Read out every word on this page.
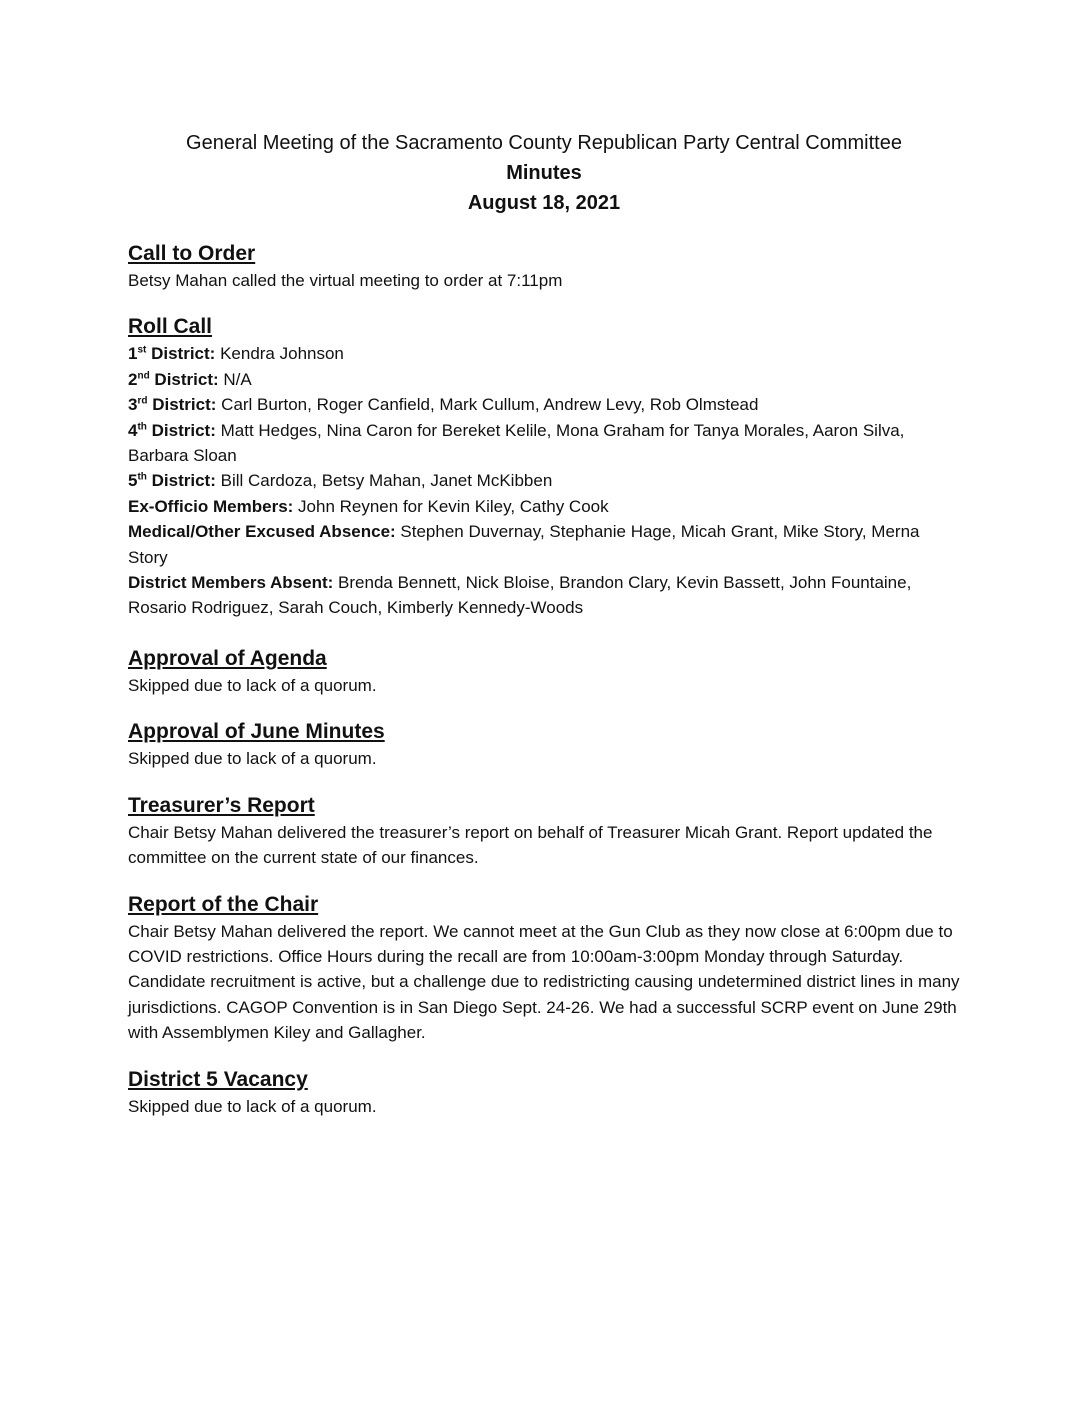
General Meeting of the Sacramento County Republican Party Central Committee
Minutes
August 18, 2021
Call to Order
Betsy Mahan called the virtual meeting to order at 7:11pm
Roll Call
1st District: Kendra Johnson
2nd District: N/A
3rd District: Carl Burton, Roger Canfield, Mark Cullum, Andrew Levy, Rob Olmstead
4th District: Matt Hedges, Nina Caron for Bereket Kelile, Mona Graham for Tanya Morales, Aaron Silva, Barbara Sloan
5th District: Bill Cardoza, Betsy Mahan, Janet McKibben
Ex-Officio Members: John Reynen for Kevin Kiley, Cathy Cook
Medical/Other Excused Absence: Stephen Duvernay, Stephanie Hage, Micah Grant, Mike Story, Merna Story
District Members Absent: Brenda Bennett, Nick Bloise, Brandon Clary, Kevin Bassett, John Fountaine, Rosario Rodriguez, Sarah Couch, Kimberly Kennedy-Woods
Approval of Agenda
Skipped due to lack of a quorum.
Approval of June Minutes
Skipped due to lack of a quorum.
Treasurer’s Report
Chair Betsy Mahan delivered the treasurer’s report on behalf of Treasurer Micah Grant. Report updated the committee on the current state of our finances.
Report of the Chair
Chair Betsy Mahan delivered the report. We cannot meet at the Gun Club as they now close at 6:00pm due to COVID restrictions. Office Hours during the recall are from 10:00am-3:00pm Monday through Saturday. Candidate recruitment is active, but a challenge due to redistricting causing undetermined district lines in many jurisdictions. CAGOP Convention is in San Diego Sept. 24-26. We had a successful SCRP event on June 29th with Assemblymen Kiley and Gallagher.
District 5 Vacancy
Skipped due to lack of a quorum.
